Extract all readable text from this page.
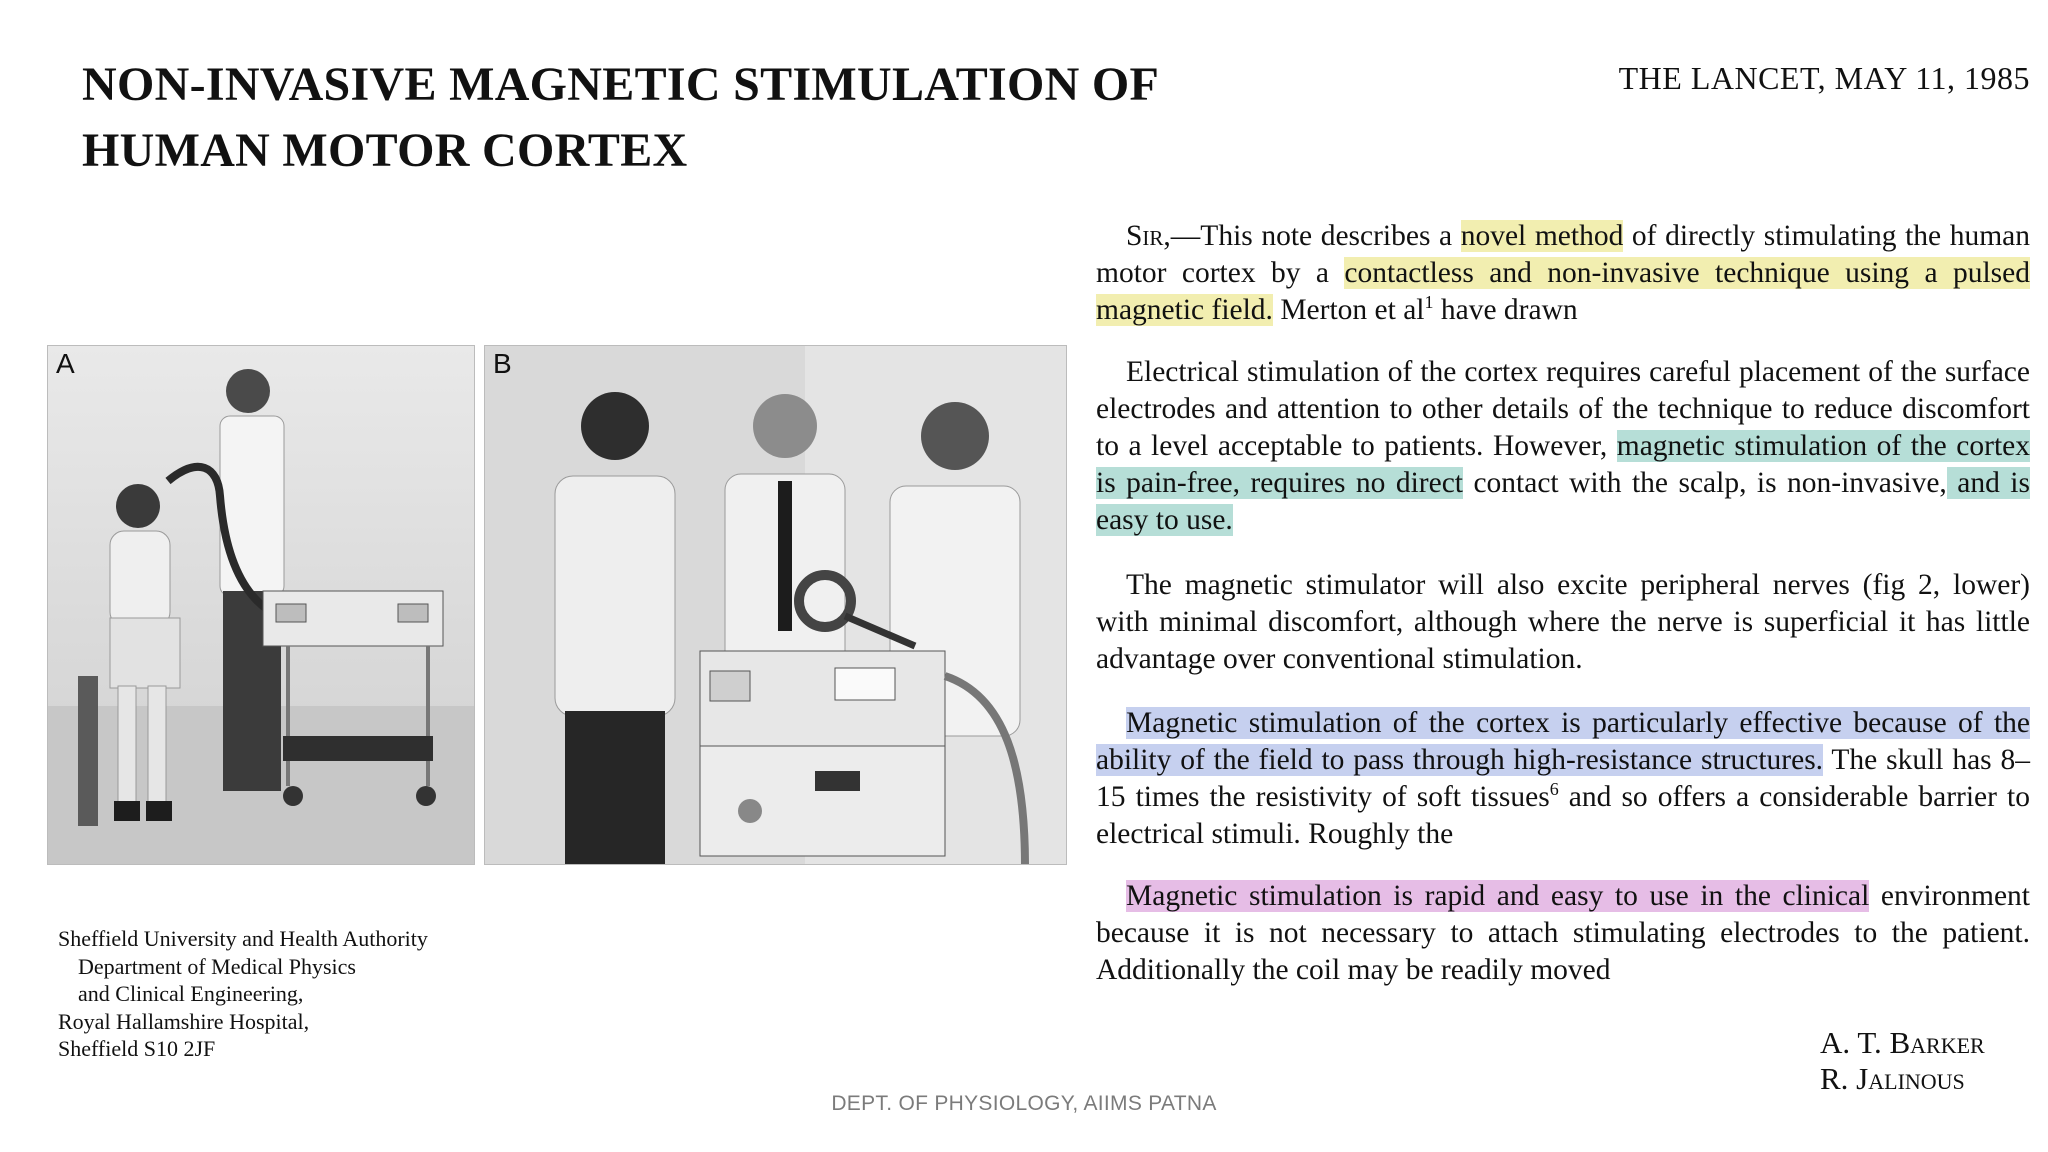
NON-INVASIVE MAGNETIC STIMULATION OF
HUMAN MOTOR CORTEX
THE LANCET, MAY 11, 1985
A	B
Sheffield University and Health Authority
Department of Medical Physics
and Clinical Engineering,
Royal Hallamshire Hospital,
Sheffield S10 2JF

Sir,—This note describes a novel method of directly stimulating the human motor cortex by a contactless and non-invasive technique using a pulsed magnetic field. Merton et $al^1$ have drawn

Electrical stimulation of the cortex requires careful placement of the surface electrodes and attention to other details of the technique to reduce discomfort to a level acceptable to patients. However, magnetic stimulation of the cortex is pain-free, requires no direct contact with the scalp, is non-invasive, and is easy to use.

The magnetic stimulator will also excite peripheral nerves (fig 2, lower) with minimal discomfort, although where the nerve is superficial it has little advantage over conventional stimulation.

Magnetic stimulation of the cortex is particularly effective because of the ability of the field to pass through high-resistance structures. The skull has 8–15 times the resistivity of soft tissues$^6$ and so offers a considerable barrier to electrical stimuli. Roughly the

Magnetic stimulation is rapid and easy to use in the clinical environment because it is not necessary to attach stimulating electrodes to the patient. Additionally the coil may be readily moved

A. T. Barker
R. Jalinous
DEPT. OF PHYSIOLOGY, AIIMS PATNA
